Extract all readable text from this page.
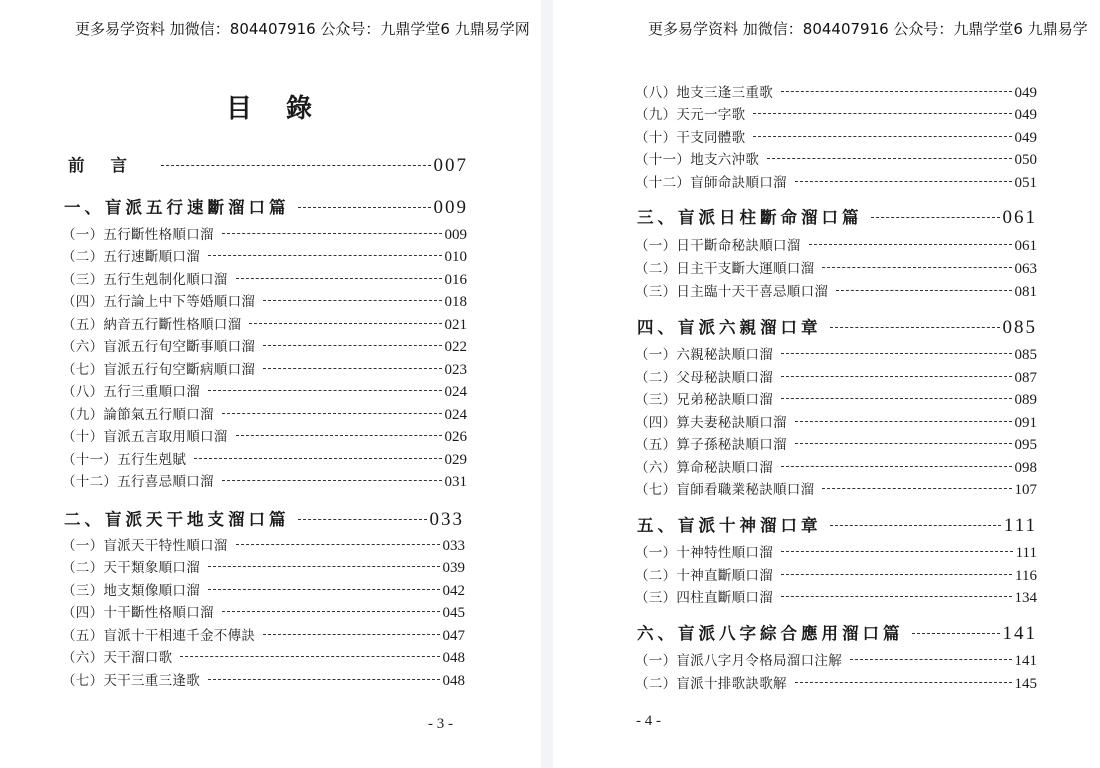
更多易学资料 加微信：804407916 公众号：九鼎学堂6 九鼎易学网
目錄
前言	007
一、盲派五行速斷溜口篇	009
（一）五行斷性格順口溜	009
（二）五行速斷順口溜	010
（三）五行生剋制化順口溜	016
（四）五行論上中下等婚順口溜	018
（五）納音五行斷性格順口溜	021
（六）盲派五行旬空斷事順口溜	022
（七）盲派五行旬空斷病順口溜	023
（八）五行三重順口溜	024
（九）論節氣五行順口溜	024
（十）盲派五言取用順口溜	026
（十一）五行生剋賦	029
（十二）五行喜忌順口溜	031
二、盲派天干地支溜口篇	033
（一）盲派天干特性順口溜	033
（二）天干類象順口溜	039
（三）地支類像順口溜	042
（四）十干斷性格順口溜	045
（五）盲派十干相連千金不傳訣	047
（六）天干溜口歌	048
（七）天干三重三逢歌	048
- 3 -
更多易学资料 加微信：804407916 公众号：九鼎学堂6 九鼎易学
（八）地支三逢三重歌	049
（九）天元一字歌	049
（十）干支同體歌	049
（十一）地支六沖歌	050
（十二）盲師命訣順口溜	051
三、盲派日柱斷命溜口篇	061
（一）日干斷命秘訣順口溜	061
（二）日主干支斷大運順口溜	063
（三）日主臨十天干喜忌順口溜	081
四、盲派六親溜口章	085
（一）六親秘訣順口溜	085
（二）父母秘訣順口溜	087
（三）兄弟秘訣順口溜	089
（四）算夫妻秘訣順口溜	091
（五）算子孫秘訣順口溜	095
（六）算命秘訣順口溜	098
（七）盲師看職業秘訣順口溜	107
五、盲派十神溜口章	111
（一）十神特性順口溜	111
（二）十神直斷順口溜	116
（三）四柱直斷順口溜	134
六、盲派八字綜合應用溜口篇	141
（一）盲派八字月令格局溜口注解	141
（二）盲派十排歌訣歌解	145
- 4 -
